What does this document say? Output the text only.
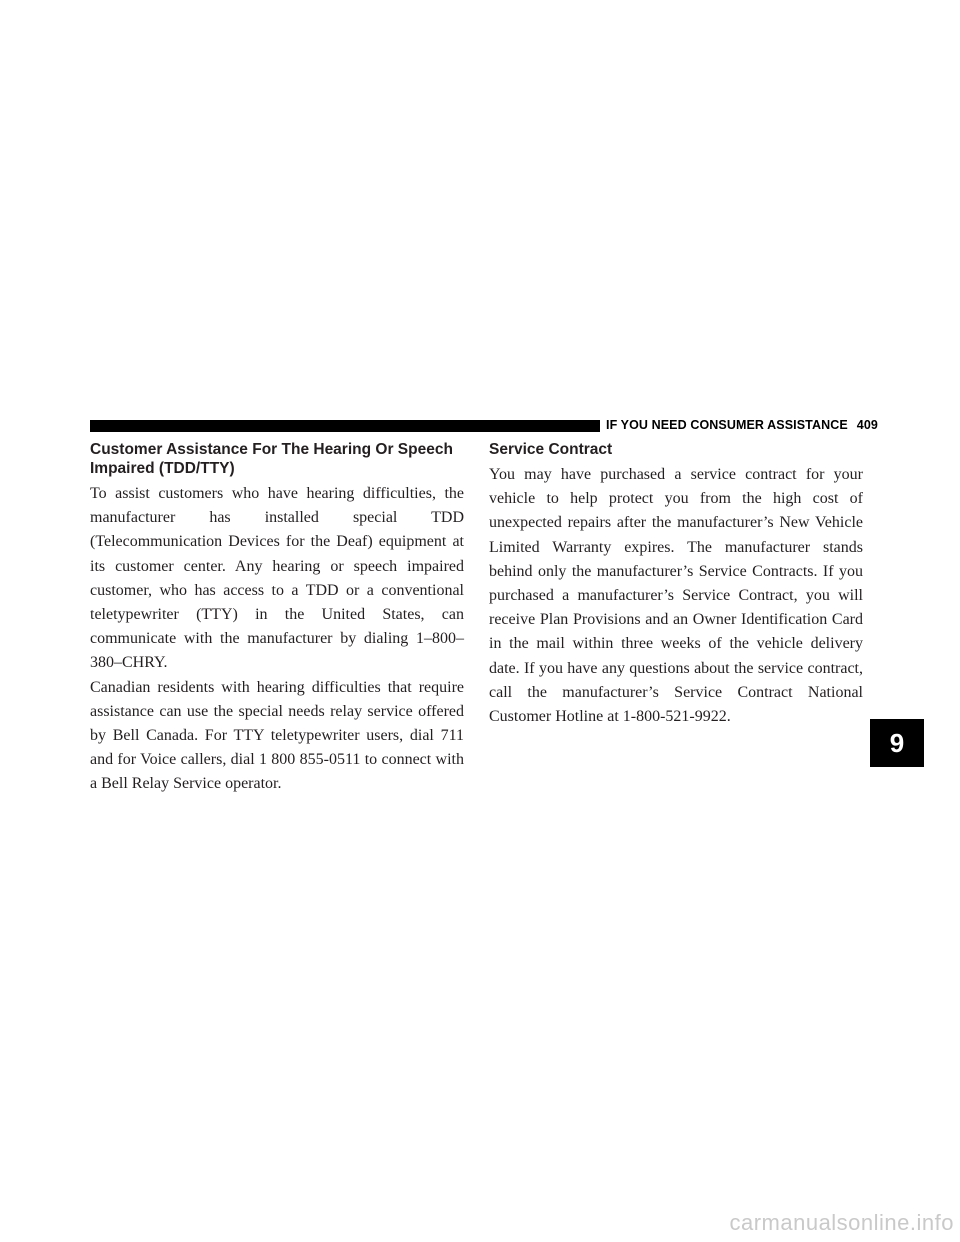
IF YOU NEED CONSUMER ASSISTANCE 409
Customer Assistance For The Hearing Or Speech
Impaired (TDD/TTY)

To assist customers who have hearing difficulties, the manufacturer has installed special TDD (Telecommunication Devices for the Deaf) equipment at its customer center. Any hearing or speech impaired customer, who has access to a TDD or a conventional teletypewriter (TTY) in the United States, can communicate with the manufacturer by dialing 1–800–380–CHRY.

Canadian residents with hearing difficulties that require assistance can use the special needs relay service offered by Bell Canada. For TTY teletypewriter users, dial 711 and for Voice callers, dial 1 800 855-0511 to connect with a Bell Relay Service operator.

Service Contract

You may have purchased a service contract for your vehicle to help protect you from the high cost of unexpected repairs after the manufacturer’s New Vehicle Limited Warranty expires. The manufacturer stands behind only the manufacturer’s Service Contracts. If you purchased a manufacturer’s Service Contract, you will receive Plan Provisions and an Owner Identification Card in the mail within three weeks of the vehicle delivery date. If you have any questions about the service contract, call the manufacturer’s Service Contract National Customer Hotline at 1-800-521-9922.

9
carmanualsonline.info
